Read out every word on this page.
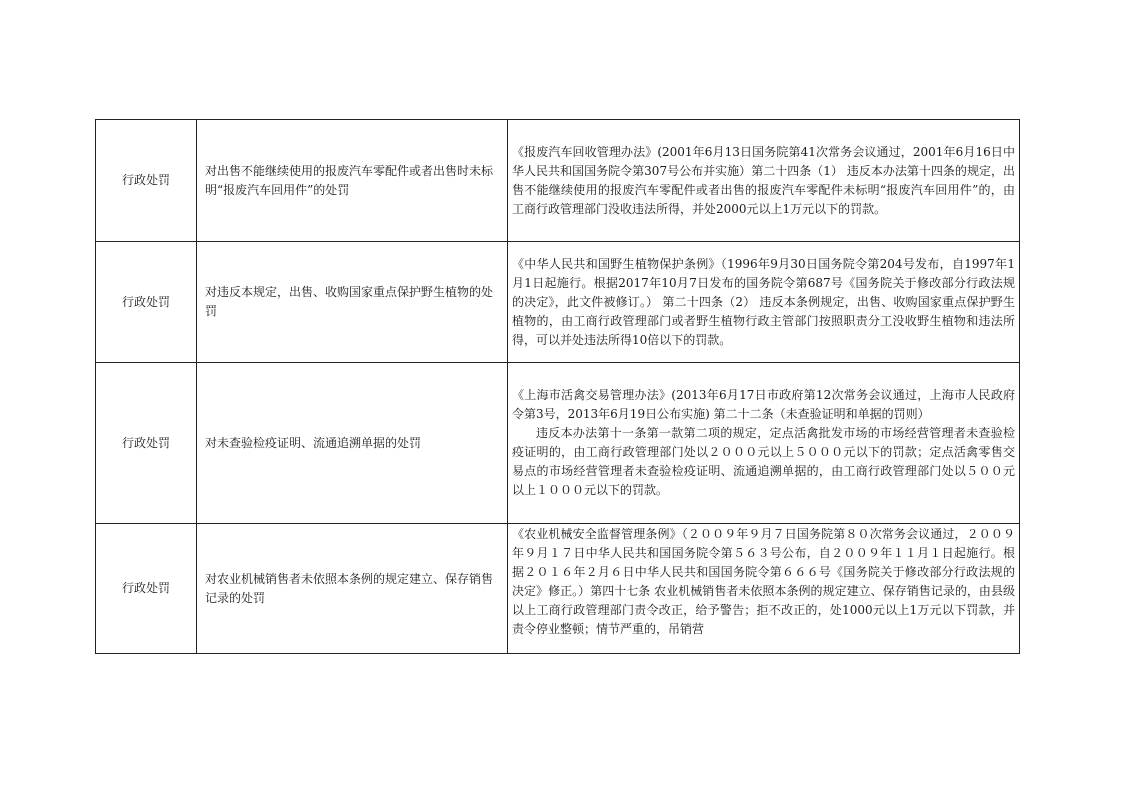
行政处罚	对出售不能继续使用的报废汽车零配件或者出售时未标明“报废汽车回用件”的处罚	《报废汽车回收管理办法》(2001年6月13日国务院第41次常务会议通过，2001年6月16日中华人民共和国国务院令第307号公布并实施）第二十四条（1） 违反本办法第十四条的规定，出售不能继续使用的报废汽车零配件或者出售的报废汽车零配件未标明“报废汽车回用件”的，由工商行政管理部门没收违法所得，并处2000元以上1万元以下的罚款。

行政处罚	对违反本规定，出售、收购国家重点保护野生植物的处罚	《中华人民共和国野生植物保护条例》（1996年9月30日国务院令第204号发布，自1997年1月1日起施行。根据2017年10月7日发布的国务院令第687号《国务院关于修改部分行政法规的决定》，此文件被修订。） 第二十四条（2） 违反本条例规定，出售、收购国家重点保护野生植物的，由工商行政管理部门或者野生植物行政主管部门按照职责分工没收野生植物和违法所得，可以并处违法所得10倍以下的罚款。

行政处罚	对未查验检疫证明、流通追溯单据的处罚	《上海市活禽交易管理办法》(2013年6月17日市政府第12次常务会议通过，上海市人民政府令第3号，2013年6月19日公布实施) 第二十二条（未查验证明和单据的罚则）
违反本办法第十一条第一款第二项的规定，定点活禽批发市场的市场经营管理者未查验检疫证明的，由工商行政管理部门处以２０００元以上５０００元以下的罚款；定点活禽零售交易点的市场经营管理者未查验检疫证明、流通追溯单据的，由工商行政管理部门处以５００元以上１０００元以下的罚款。

行政处罚	对农业机械销售者未依照本条例的规定建立、保存销售记录的处罚	《农业机械安全监督管理条例》（２００９年９月７日国务院第８０次常务会议通过，２００９年９月１７日中华人民共和国国务院令第５６３号公布，自２００９年１１月１日起施行。根据２０１６年２月６日中华人民共和国国务院令第６６６号《国务院关于修改部分行政法规的决定》修正。）第四十七条 农业机械销售者未依照本条例的规定建立、保存销售记录的，由县级以上工商行政管理部门责令改正，给予警告；拒不改正的，处1000元以上1万元以下罚款，并责令停业整顿；情节严重的，吊销营
